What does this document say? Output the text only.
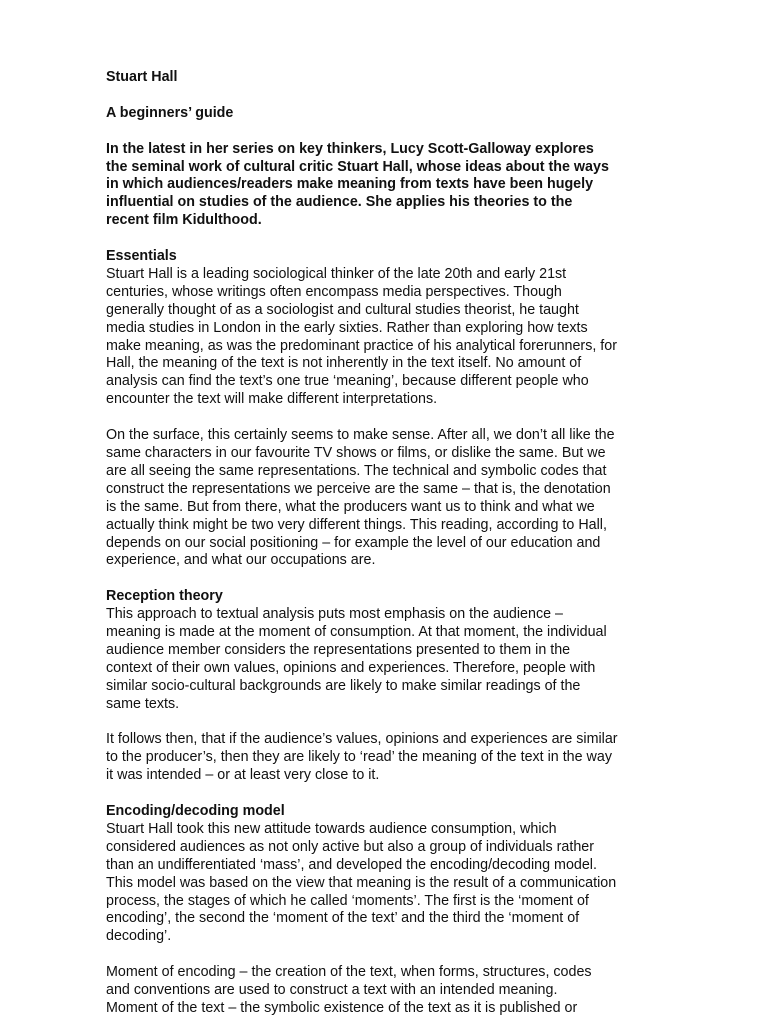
Stuart Hall
A beginners’ guide
In the latest in her series on key thinkers, Lucy Scott-Galloway explores
the seminal work of cultural critic Stuart Hall, whose ideas about the ways
in which audiences/readers make meaning from texts have been hugely
influential on studies of the audience. She applies his theories to the
recent film Kidulthood.
Essentials
Stuart Hall is a leading sociological thinker of the late 20th and early 21st
centuries, whose writings often encompass media perspectives. Though
generally thought of as a sociologist and cultural studies theorist, he taught
media studies in London in the early sixties. Rather than exploring how texts
make meaning, as was the predominant practice of his analytical forerunners, for
Hall, the meaning of the text is not inherently in the text itself. No amount of
analysis can find the text’s one true ‘meaning’, because different people who
encounter the text will make different interpretations.
On the surface, this certainly seems to make sense. After all, we don’t all like the
same characters in our favourite TV shows or films, or dislike the same. But we
are all seeing the same representations. The technical and symbolic codes that
construct the representations we perceive are the same – that is, the denotation
is the same. But from there, what the producers want us to think and what we
actually think might be two very different things. This reading, according to Hall,
depends on our social positioning – for example the level of our education and
experience, and what our occupations are.
Reception theory
This approach to textual analysis puts most emphasis on the audience –
meaning is made at the moment of consumption. At that moment, the individual
audience member considers the representations presented to them in the
context of their own values, opinions and experiences. Therefore, people with
similar socio-cultural backgrounds are likely to make similar readings of the
same texts.
It follows then, that if the audience’s values, opinions and experiences are similar
to the producer’s, then they are likely to ‘read’ the meaning of the text in the way
it was intended – or at least very close to it.
Encoding/decoding model
Stuart Hall took this new attitude towards audience consumption, which
considered audiences as not only active but also a group of individuals rather
than an undifferentiated ‘mass’, and developed the encoding/decoding model.
This model was based on the view that meaning is the result of a communication
process, the stages of which he called ‘moments’. The first is the ‘moment of
encoding’, the second the ‘moment of the text’ and the third the ‘moment of
decoding’.
Moment of encoding – the creation of the text, when forms, structures, codes
and conventions are used to construct a text with an intended meaning.
Moment of the text – the symbolic existence of the text as it is published or
